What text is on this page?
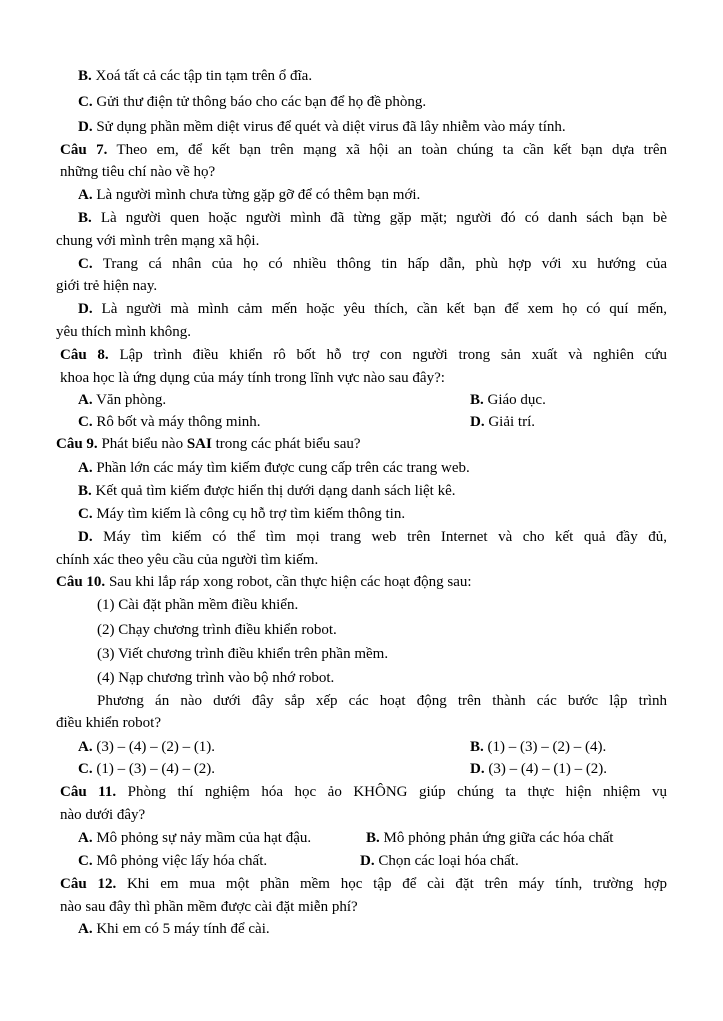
B. Xoá tất cả các tập tin tạm trên ổ đĩa.
C. Gửi thư điện tử thông báo cho các bạn để họ đề phòng.
D. Sử dụng phần mềm diệt virus để quét và diệt virus đã lây nhiễm vào máy tính.
Câu 7. Theo em, để kết bạn trên mạng xã hội an toàn chúng ta cần kết bạn dựa trên
những tiêu chí nào về họ?
A. Là người mình chưa từng gặp gỡ để có thêm bạn mới.
B. Là người quen hoặc người mình đã từng gặp mặt; người đó có danh sách bạn bè
chung với mình trên mạng xã hội.
C. Trang cá nhân của họ có nhiều thông tin hấp dẫn, phù hợp với xu hướng của
giới trẻ hiện nay.
D. Là người mà mình cảm mến hoặc yêu thích, cần kết bạn để xem họ có quí mến,
yêu thích mình không.
Câu 8. Lập trình điều khiển rô bốt hỗ trợ con người trong sản xuất và nghiên cứu
khoa học là ứng dụng của máy tính trong lĩnh vực nào sau đây?:
A. Văn phòng.	B. Giáo dục.
C. Rô bốt và máy thông minh.	D. Giải trí.
Câu 9. Phát biểu nào SAI trong các phát biểu sau?
A. Phần lớn các máy tìm kiếm được cung cấp trên các trang web.
B. Kết quả tìm kiếm được hiển thị dưới dạng danh sách liệt kê.
C. Máy tìm kiếm là công cụ hỗ trợ tìm kiếm thông tin.
D. Máy tìm kiếm có thể tìm mọi trang web trên Internet và cho kết quả đầy đủ,
chính xác theo yêu cầu của người tìm kiếm.
Câu 10. Sau khi lắp ráp xong robot, cần thực hiện các hoạt động sau:
(1) Cài đặt phần mềm điều khiển.
(2) Chạy chương trình điều khiển robot.
(3) Viết chương trình điều khiển trên phần mềm.
(4) Nạp chương trình vào bộ nhớ robot.
Phương án nào dưới đây sắp xếp các hoạt động trên thành các bước lập trình
điều khiển robot?
A. (3) – (4) – (2) – (1).	B. (1) – (3) – (2) – (4).
C. (1) – (3) – (4) – (2).	D. (3) – (4) – (1) – (2).
Câu 11. Phòng thí nghiệm hóa học ảo KHÔNG giúp chúng ta thực hiện nhiệm vụ
nào dưới đây?
A. Mô phỏng sự nảy mầm của hạt đậu.	B. Mô phỏng phản ứng giữa các hóa chất
C. Mô phỏng việc lấy hóa chất.	D. Chọn các loại hóa chất.
Câu 12. Khi em mua một phần mềm học tập để cài đặt trên máy tính, trường hợp
nào sau đây thì phần mềm được cài đặt miễn phí?
A. Khi em có 5 máy tính để cài.
